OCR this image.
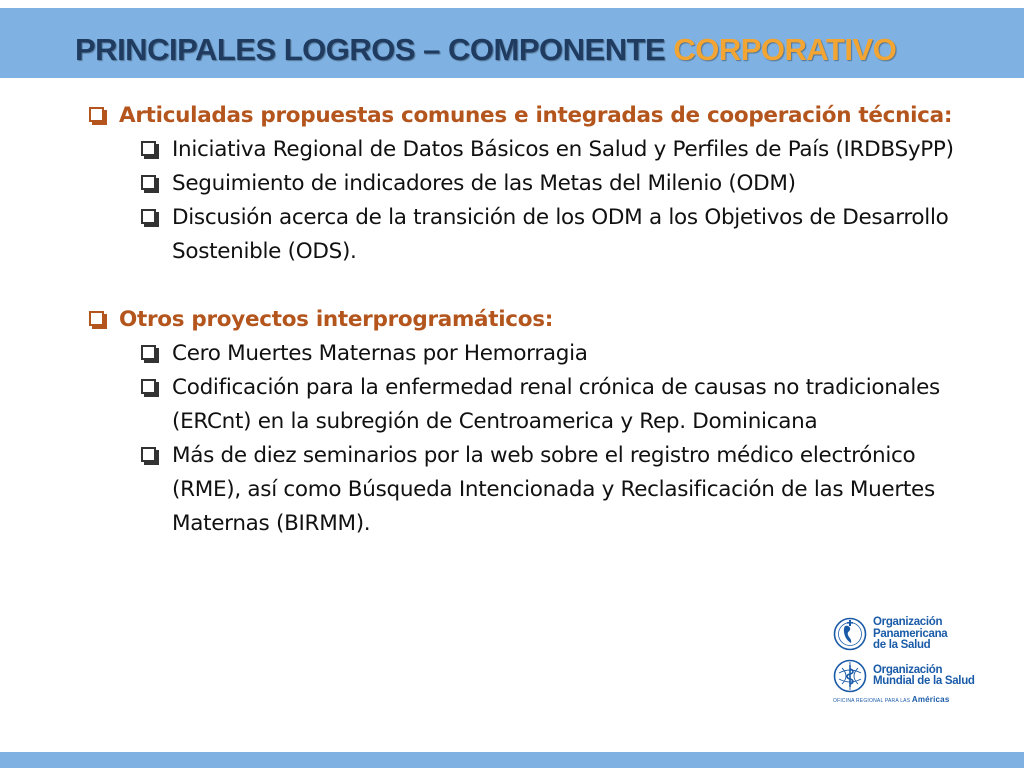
PRINCIPALES LOGROS – COMPONENTE CORPORATIVO
Articuladas propuestas comunes e integradas de cooperación técnica:
Iniciativa Regional de Datos Básicos en Salud y Perfiles de País (IRDBSyPP)
Seguimiento de indicadores de las Metas del Milenio (ODM)
Discusión acerca de la transición de los ODM a los Objetivos de Desarrollo Sostenible (ODS).
Otros proyectos interprogramáticos:
Cero Muertes Maternas por Hemorragia
Codificación para la enfermedad renal crónica de causas no tradicionales (ERCnt) en la subregión de Centroamerica y Rep. Dominicana
Más de diez seminarios por la web sobre el registro médico electrónico (RME), así como Búsqueda Intencionada y Reclasificación de las Muertes Maternas (BIRMM).
Organización
Panamericana
de la Salud
Organización
Mundial de la Salud
OFICINA REGIONAL PARA LAS Américas
